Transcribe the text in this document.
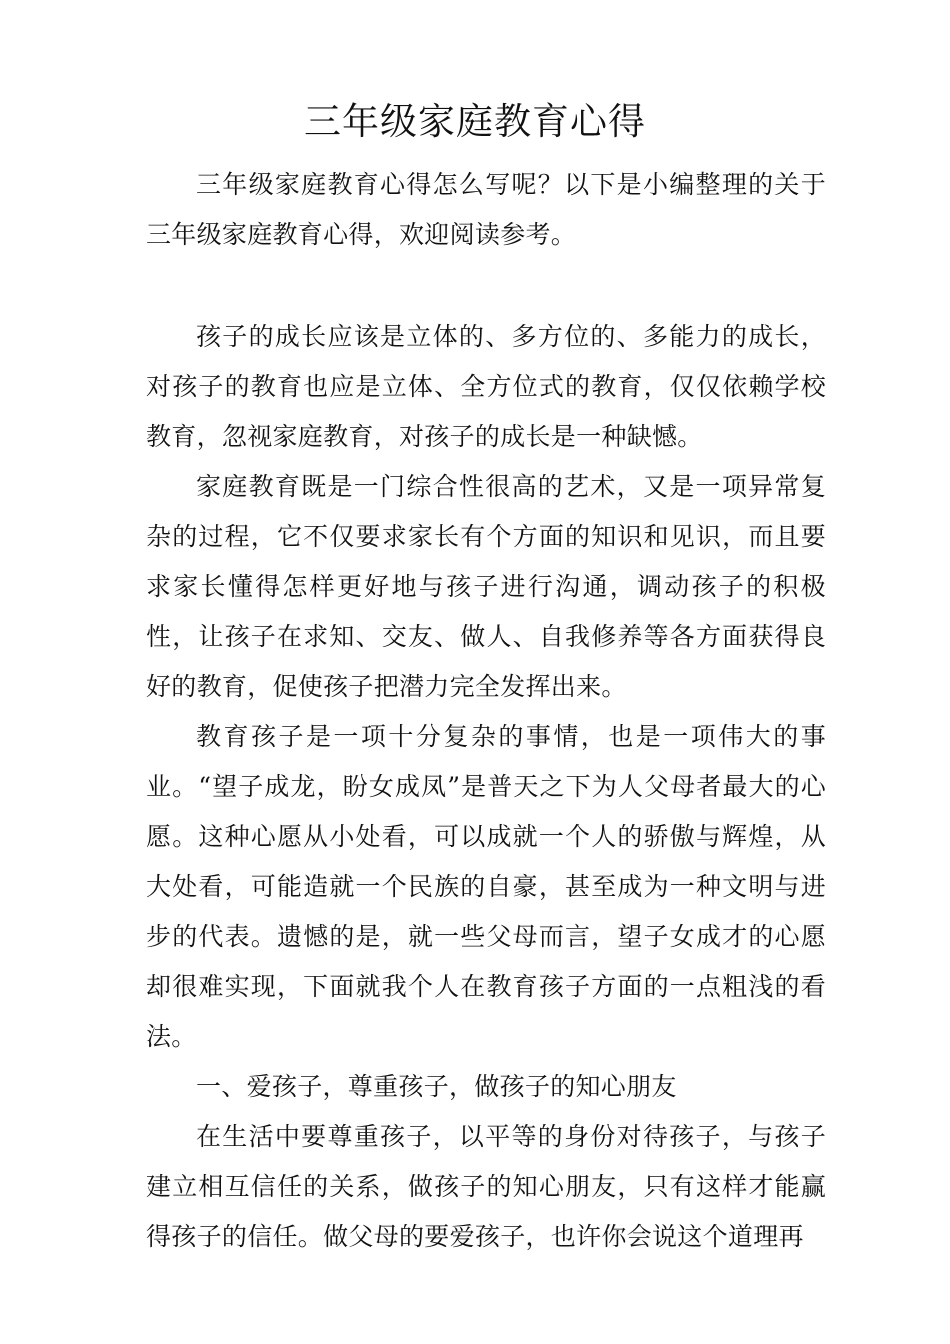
三年级家庭教育心得

三年级家庭教育心得怎么写呢？以下是小编整理的关于三年级家庭教育心得，欢迎阅读参考。

孩子的成长应该是立体的、多方位的、多能力的成长，对孩子的教育也应是立体、全方位式的教育，仅仅依赖学校教育，忽视家庭教育，对孩子的成长是一种缺憾。

家庭教育既是一门综合性很高的艺术，又是一项异常复杂的过程，它不仅要求家长有个方面的知识和见识，而且要求家长懂得怎样更好地与孩子进行沟通，调动孩子的积极性，让孩子在求知、交友、做人、自我修养等各方面获得良好的教育，促使孩子把潜力完全发挥出来。

教育孩子是一项十分复杂的事情，也是一项伟大的事业。“望子成龙，盼女成凤”是普天之下为人父母者最大的心愿。这种心愿从小处看，可以成就一个人的骄傲与辉煌，从大处看，可能造就一个民族的自豪，甚至成为一种文明与进步的代表。遗憾的是，就一些父母而言，望子女成才的心愿却很难实现，下面就我个人在教育孩子方面的一点粗浅的看法。

一、爱孩子，尊重孩子，做孩子的知心朋友

在生活中要尊重孩子，以平等的身份对待孩子，与孩子建立相互信任的关系，做孩子的知心朋友，只有这样才能赢得孩子的信任。做父母的要爱孩子，也许你会说这个道理再
